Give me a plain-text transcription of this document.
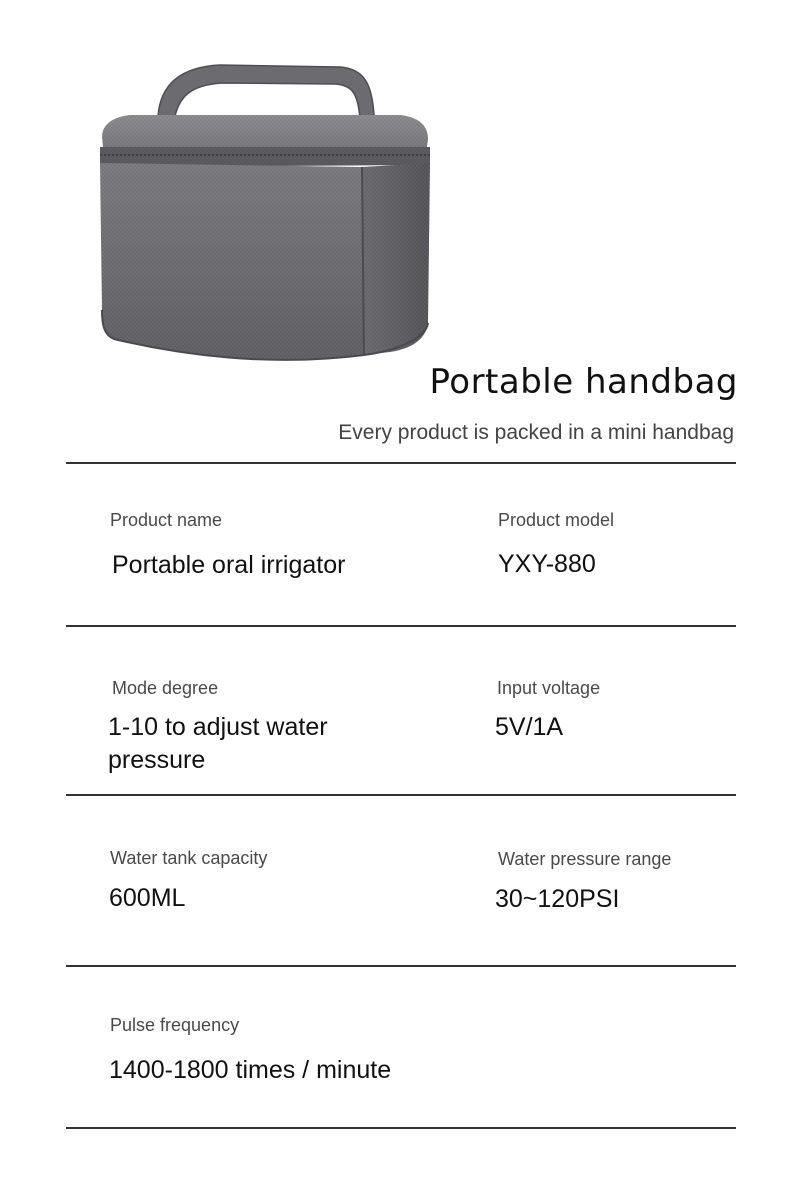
Portable handbag
Every product is packed in a mini handbag
Product name
Portable oral irrigator
Product model
YXY-880
Mode degree
1-10 to adjust water pressure
Input voltage
5V/1A
Water tank capacity
600ML
Water pressure range
30~120PSI
Pulse frequency
1400-1800 times / minute
